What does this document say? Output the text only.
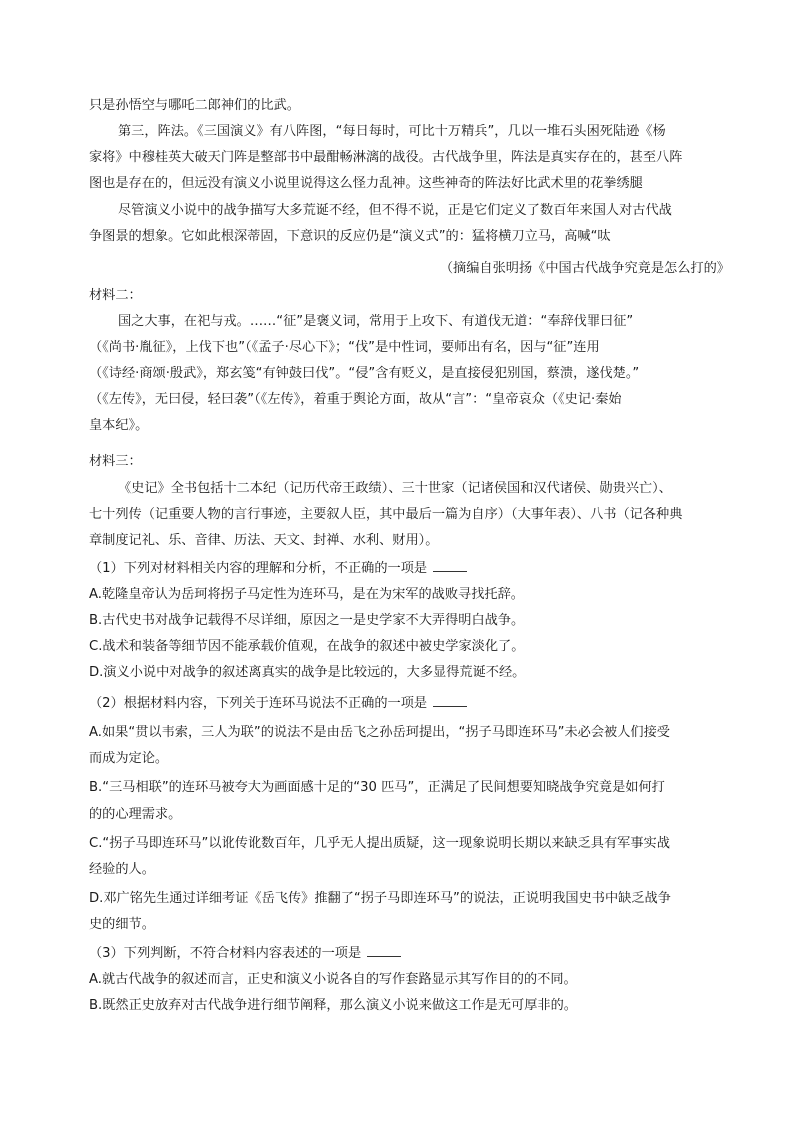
只是孙悟空与哪吒二郎神们的比武。

第三，阵法。《三国演义》有八阵图，“每日每时，可比十万精兵”，几以一堆石头困死陆逊《杨

家将》中穆桂英大破天门阵是整部书中最酣畅淋漓的战役。古代战争里，阵法是真实存在的，甚至八阵

图也是存在的，但远没有演义小说里说得这么怪力乱神。这些神奇的阵法好比武术里的花拳绣腿

尽管演义小说中的战争描写大多荒诞不经，但不得不说，正是它们定义了数百年来国人对古代战

争图景的想象。它如此根深蒂固，下意识的反应仍是“演义式”的：猛将横刀立马，高喊“呔

（摘编自张明扬《中国古代战争究竟是怎么打的》

材料二：

国之大事，在祀与戎。……“征”是褒义词，常用于上攻下、有道伐无道：“奉辞伐罪曰征”

（《尚书·胤征》，上伐下也”（《孟子·尽心下》；“伐”是中性词，要师出有名，因与“征”连用

（《诗经·商颂·殷武》，郑玄笺“有钟鼓曰伐”。“侵”含有贬义，是直接侵犯别国，蔡溃，遂伐楚。”

（《左传》，无曰侵，轻曰袭”（《左传》，着重于舆论方面，故从“言”：“皇帝哀众（《史记·秦始

皇本纪》。

材料三：

《史记》全书包括十二本纪（记历代帝王政绩）、三十世家（记诸侯国和汉代诸侯、勋贵兴亡）、

七十列传（记重要人物的言行事迹，主要叙人臣，其中最后一篇为自序）（大事年表）、八书（记各种典

章制度记礼、乐、音律、历法、天文、封禅、水利、财用）。

（1）下列对材料相关内容的理解和分析，不正确的一项是

A.乾隆皇帝认为岳珂将拐子马定性为连环马，是在为宋军的战败寻找托辞。

B.古代史书对战争记载得不尽详细，原因之一是史学家不大弄得明白战争。

C.战术和装备等细节因不能承载价值观，在战争的叙述中被史学家淡化了。

D.演义小说中对战争的叙述离真实的战争是比较远的，大多显得荒诞不经。

（2）根据材料内容，下列关于连环马说法不正确的一项是

A.如果“贯以韦索，三人为联”的说法不是由岳飞之孙岳珂提出，“拐子马即连环马”未必会被人们接受

而成为定论。

B.“三马相联”的连环马被夸大为画面感十足的“30 匹马”，正满足了民间想要知晓战争究竟是如何打

的的心理需求。

C.“拐子马即连环马”以讹传讹数百年，几乎无人提出质疑，这一现象说明长期以来缺乏具有军事实战

经验的人。

D.邓广铭先生通过详细考证《岳飞传》推翻了“拐子马即连环马”的说法，正说明我国史书中缺乏战争

史的细节。

（3）下列判断，不符合材料内容表述的一项是

A.就古代战争的叙述而言，正史和演义小说各自的写作套路显示其写作目的的不同。

B.既然正史放弃对古代战争进行细节阐释，那么演义小说来做这工作是无可厚非的。
